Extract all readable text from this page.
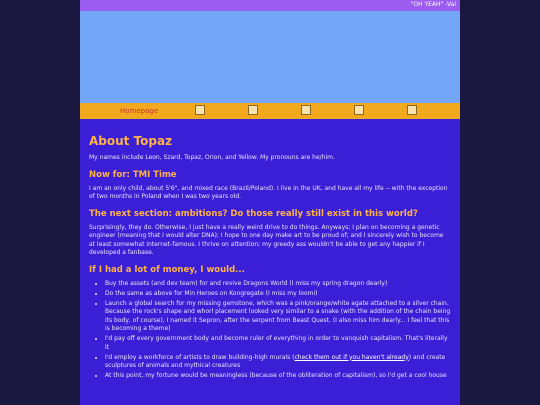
"OH YEAH" -Vai
Homepage
About Topaz

My names include Leon, Szard, Topaz, Orion, and Yellow. My pronouns are he/him.

Now for: TMI Time

I am an only child, about 5'6", and mixed race (Brazil/Poland). I live in the UK, and have all my life -- with the exception of two months in Poland when I was two years old.

The next section: ambitions? Do those really still exist in this world?

Surprisingly, they do. Otherwise, I just have a really weird drive to do things. Anyways; I plan on becoming a genetic engineer (meaning that I would alter DNA); I hope to one day make art to be proud of; and I sincerely wish to become at least somewhat internet-famous. I thrive on attention; my greedy ass wouldn't be able to get any happier if I developed a fanbase.

If I had a lot of money, I would...
• Buy the assets (and dev team) for and revive Dragons World (I miss my spring dragon dearly)
• Do the same as above for Min Heroes on Kongregate (I miss my loomi)
• Launch a global search for my missing gemstone, which was a pink/orange/white agate attached to a silver chain. Because the rock's shape and whorl placement looked very similar to a snake (with the addition of the chain being its body, of course), I named it Sepron, after the serpent from Beast Quest. (I also miss him dearly... I feel that this is becoming a theme)
• I'd pay off every government body and become ruler of everything in order to vanquish capitalism. That's literally it
• I'd employ a workforce of artists to draw building-high murals (check them out if you haven't already) and create sculptures of animals and mythical creatures
• At this point, my fortune would be meaningless (because of the obliteration of capitalism), so I'd get a cool house
